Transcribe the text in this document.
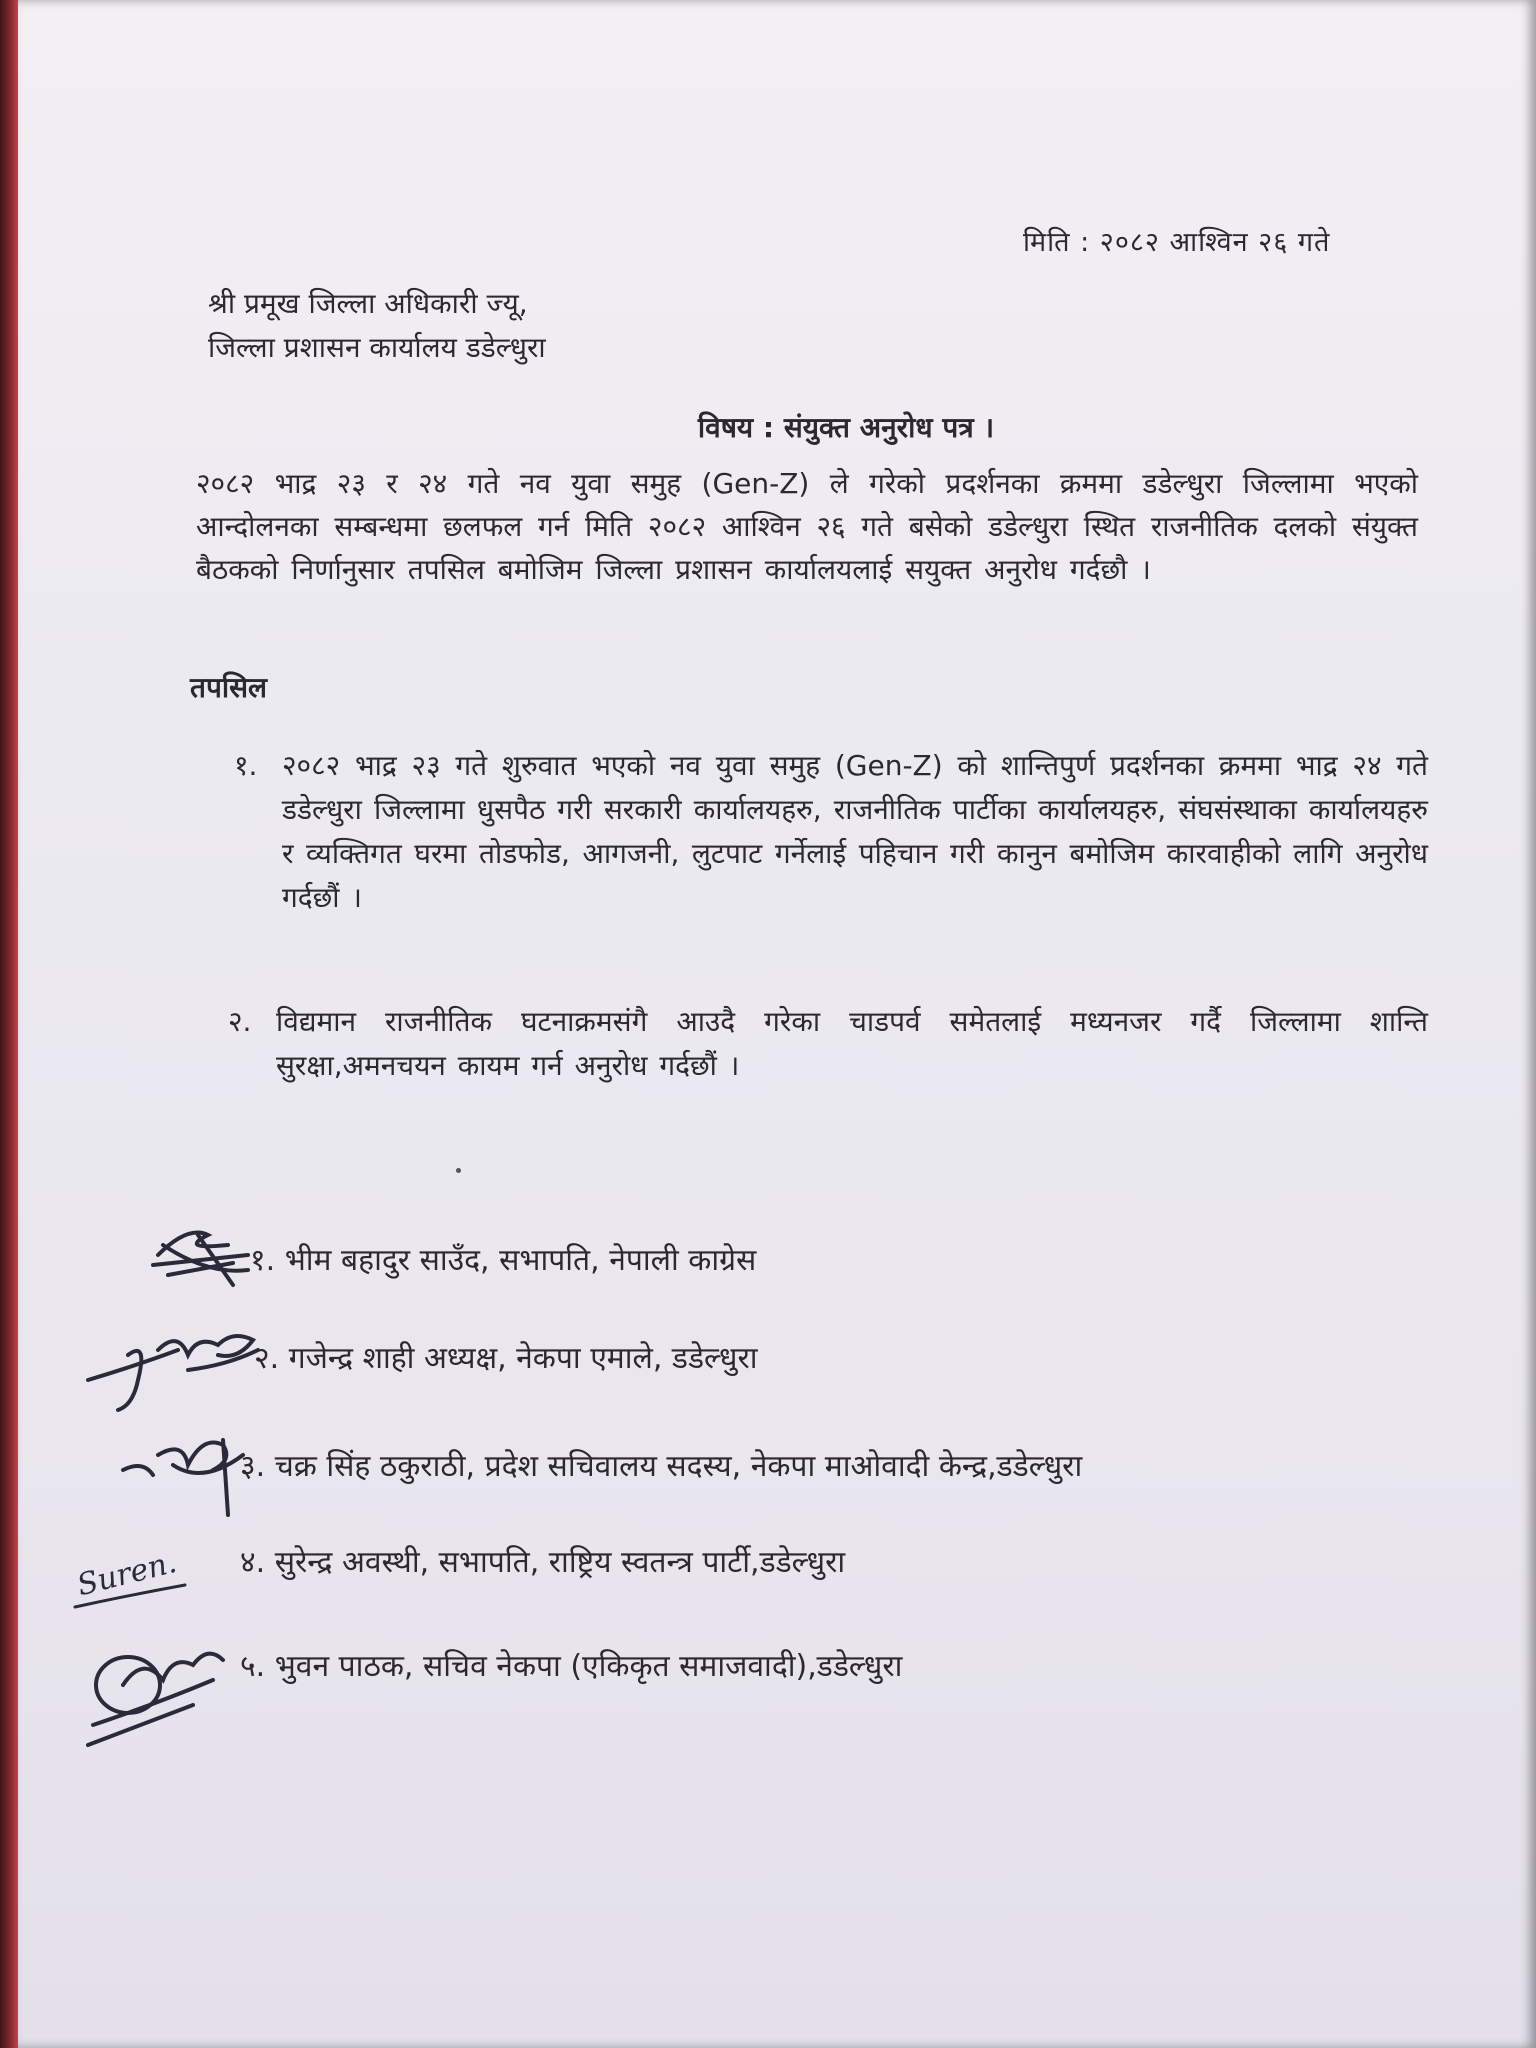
मिति : २०८२ आश्विन २६ गते
श्री प्रमूख जिल्ला अधिकारी ज्यू,
जिल्ला प्रशासन कार्यालय डडेल्धुरा
विषय : संयुक्त अनुरोध पत्र ।
२०८२ भाद्र २३ र २४ गते नव युवा समुह (Gen-Z) ले गरेको प्रदर्शनका क्रममा डडेल्धुरा जिल्लामा भएको आन्दोलनका सम्बन्धमा छलफल गर्न मिति २०८२ आश्विन २६ गते बसेको डडेल्धुरा स्थित राजनीतिक दलको संयुक्त बैठकको निर्णानुसार तपसिल बमोजिम जिल्ला प्रशासन कार्यालयलाई सयुक्त अनुरोध गर्दछौ ।
तपसिल
१. २०८२ भाद्र २३ गते शुरुवात भएको नव युवा समुह (Gen-Z) को शान्तिपुर्ण प्रदर्शनका क्रममा भाद्र २४ गते डडेल्धुरा जिल्लामा धुसपैठ गरी सरकारी कार्यालयहरु, राजनीतिक पार्टीका कार्यालयहरु, संघसंस्थाका कार्यालयहरु र व्यक्तिगत घरमा तोडफोड, आगजनी, लुटपाट गर्नेलाई पहिचान गरी कानुन बमोजिम कारवाहीको लागि अनुरोध गर्दछौं ।
२. विद्यमान राजनीतिक घटनाक्रमसंगै आउदै गरेका चाडपर्व समेतलाई मध्यनजर गर्दै जिल्लामा शान्ति सुरक्षा,अमनचयन कायम गर्न अनुरोध गर्दछौं ।
१. भीम बहादुर साउँद, सभापति, नेपाली काग्रेस
२. गजेन्द्र शाही अध्यक्ष, नेकपा एमाले, डडेल्धुरा
३. चक्र सिंह ठकुराठी, प्रदेश सचिवालय सदस्य, नेकपा माओवादी केन्द्र,डडेल्धुरा
४. सुरेन्द्र अवस्थी, सभापति, राष्ट्रिय स्वतन्त्र पार्टी,डडेल्धुरा
५. भुवन पाठक, सचिव नेकपा (एकिकृत समाजवादी),डडेल्धुरा
Suren.
